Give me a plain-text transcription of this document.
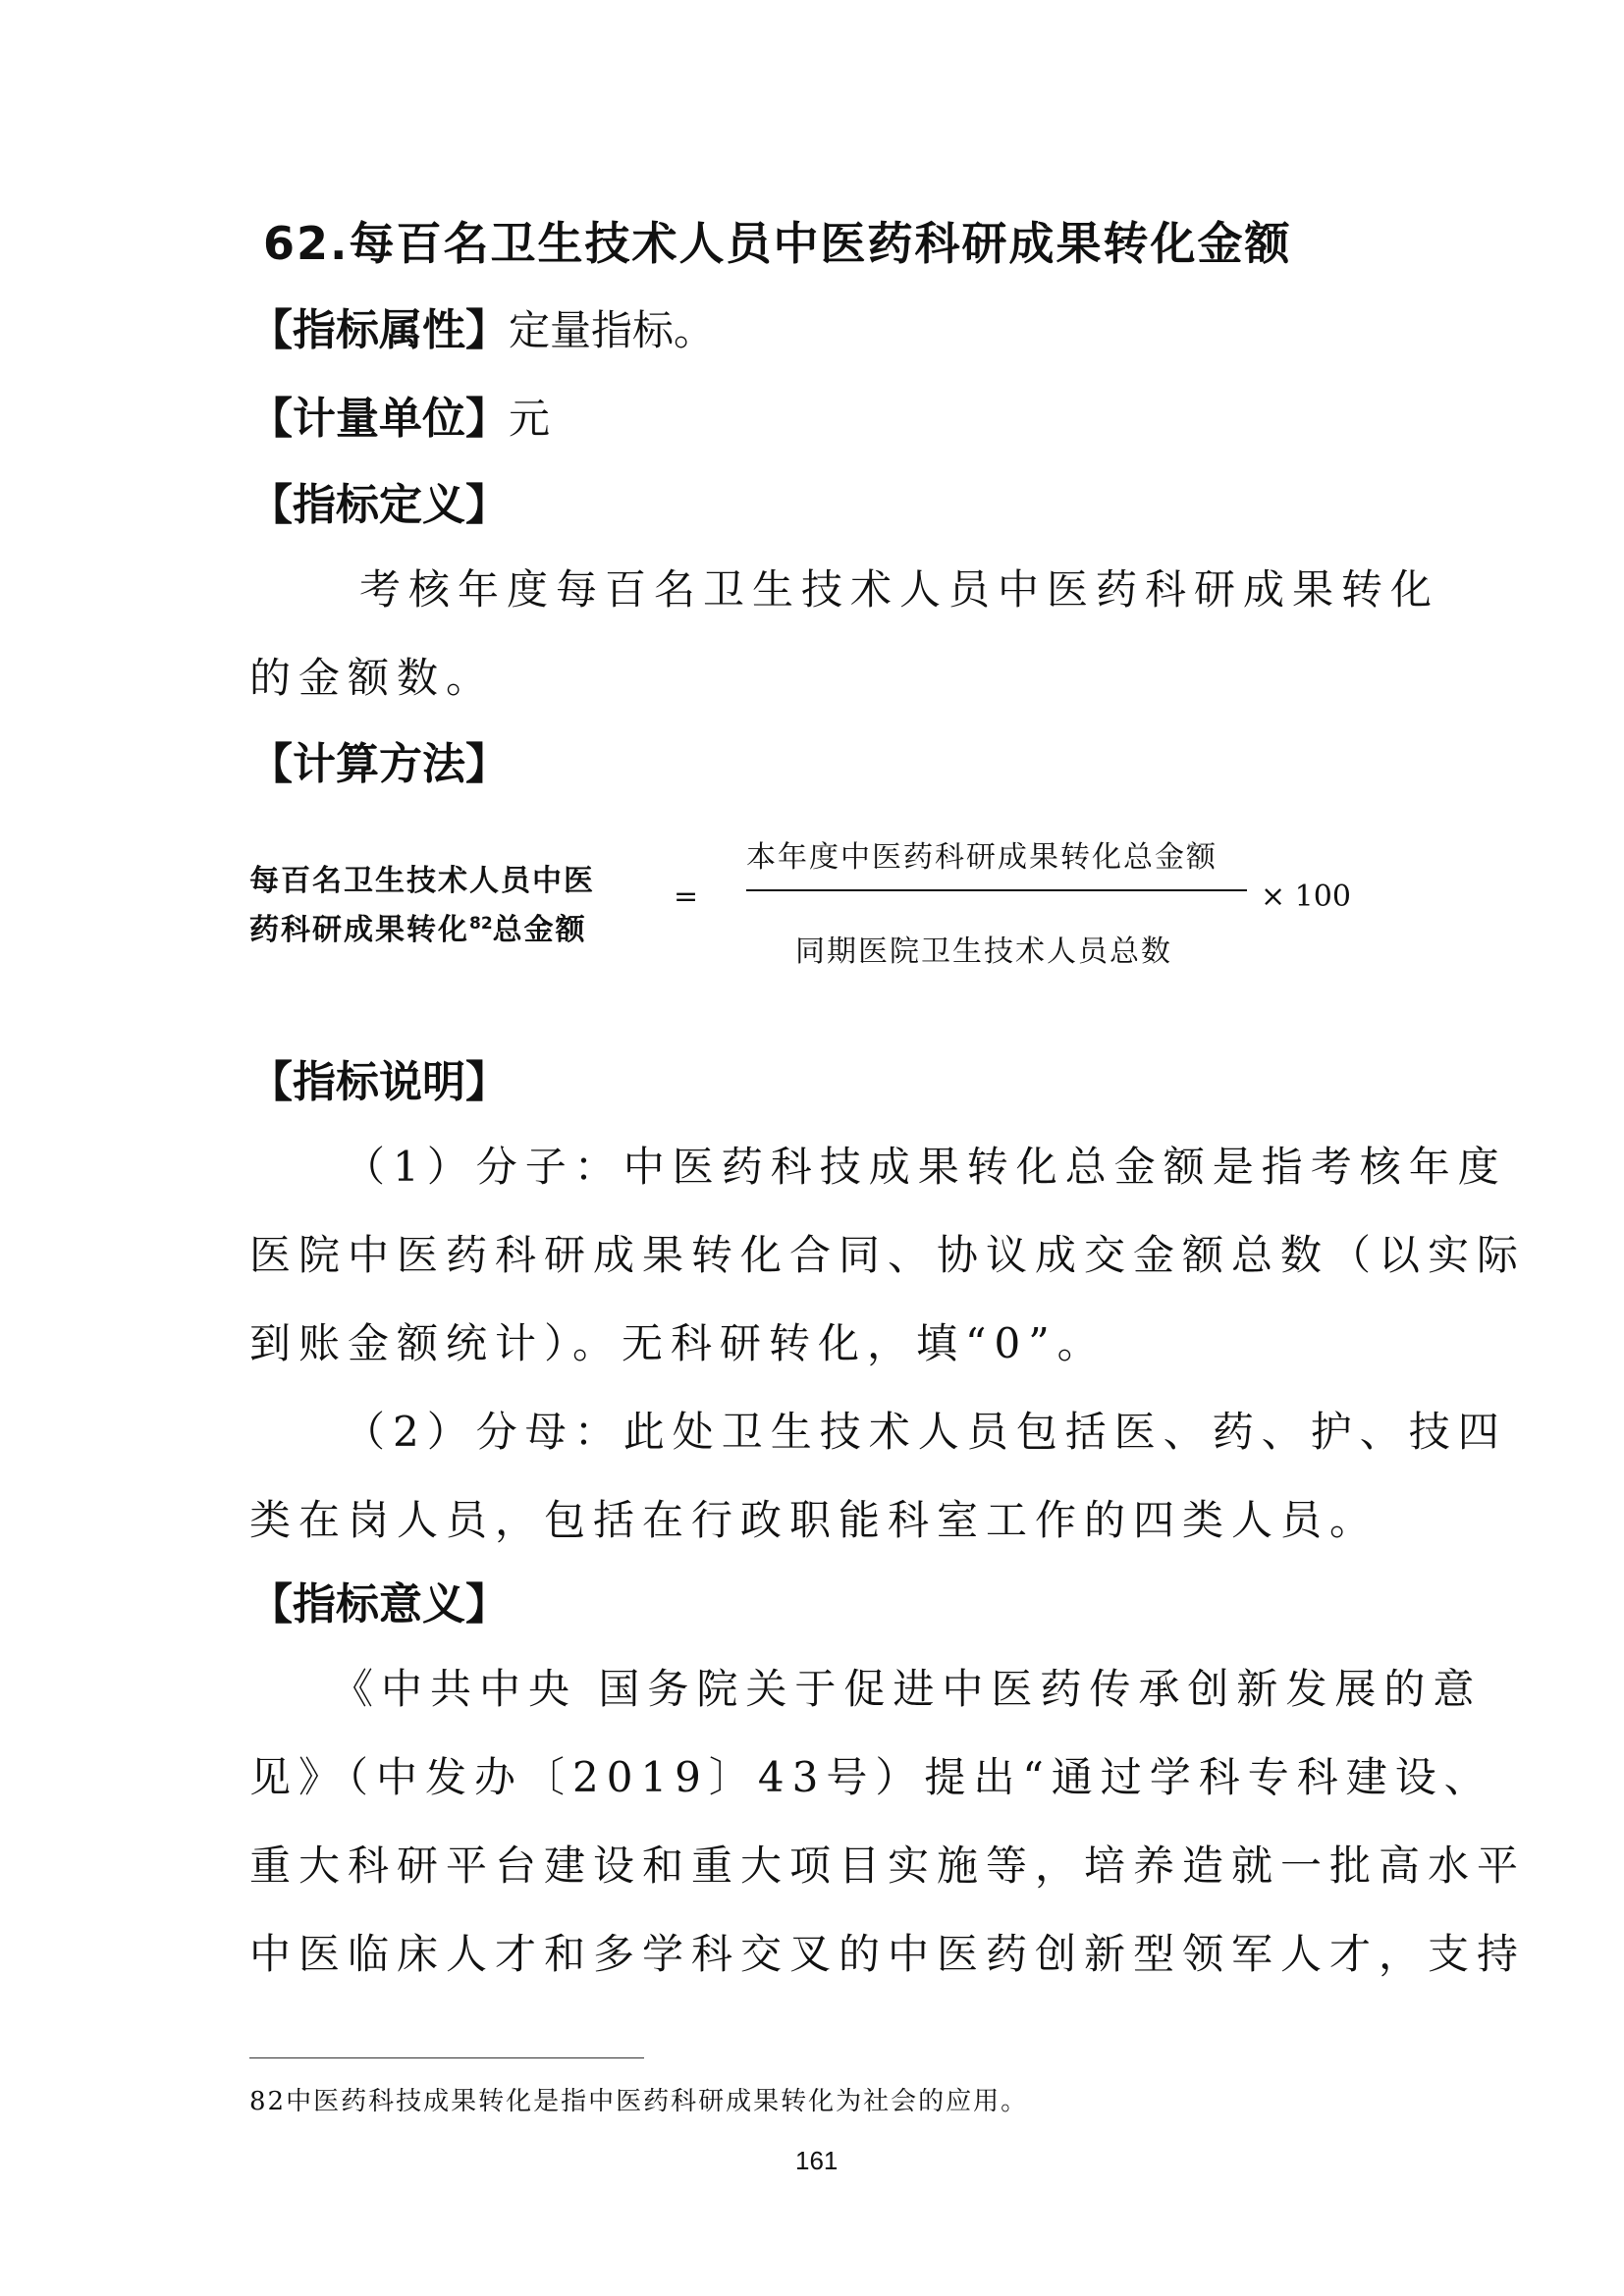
62.每百名卫生技术人员中医药科研成果转化金额
【指标属性】定量指标。
【计量单位】元
【指标定义】
考核年度每百名卫生技术人员中医药科研成果转化
的金额数。
【计算方法】
每百名卫生技术人员中医
药科研成果转化$^{82}$总金额
=
本年度中医药科研成果转化总金额
同期医院卫生技术人员总数
× 100
【指标说明】
（1）分子：中医药科技成果转化总金额是指考核年度
医院中医药科研成果转化合同、协议成交金额总数（以实际
到账金额统计）。无科研转化，填“0”。
（2）分母：此处卫生技术人员包括医、药、护、技四
类在岗人员，包括在行政职能科室工作的四类人员。
【指标意义】
《中共中央 国务院关于促进中医药传承创新发展的意
见》（中发办〔2019〕43号）提出“通过学科专科建设、
重大科研平台建设和重大项目实施等，培养造就一批高水平
中医临床人才和多学科交叉的中医药创新型领军人才，支持
82中医药科技成果转化是指中医药科研成果转化为社会的应用。
161
